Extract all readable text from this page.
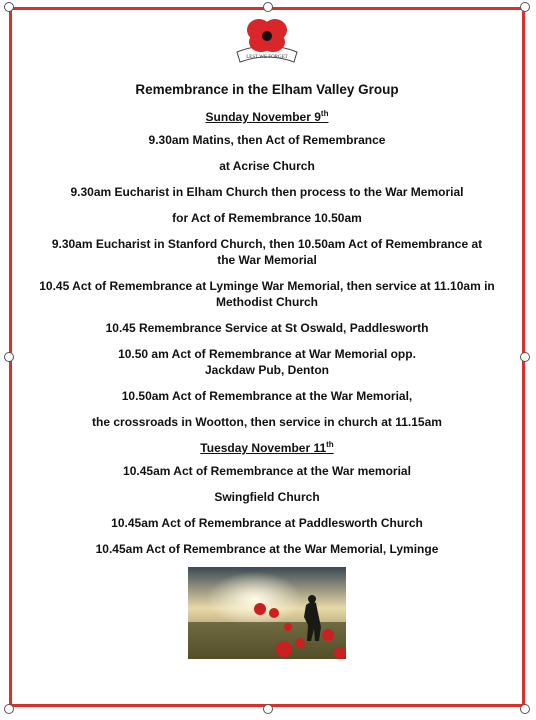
LEST WE FORGET
Remembrance in the Elham Valley Group
Sunday November 9th
9.30am Matins, then Act of Remembrance
at Acrise Church
9.30am Eucharist in Elham Church then process to the War Memorial
for Act of Remembrance 10.50am
9.30am Eucharist in Stanford Church, then 10.50am Act of Remembrance at the War Memorial
10.45 Act of Remembrance at Lyminge War Memorial, then service at 11.10am in Methodist Church
10.45 Remembrance Service at St Oswald, Paddlesworth
10.50 am Act of Remembrance at War Memorial opp. Jackdaw Pub, Denton
10.50am Act of Remembrance at the War Memorial,
the crossroads in Wootton, then service in church at 11.15am
Tuesday November 11th
10.45am Act of Remembrance at the War memorial
Swingfield Church
10.45am Act of Remembrance at Paddlesworth Church
10.45am Act of Remembrance at the War Memorial, Lyminge
